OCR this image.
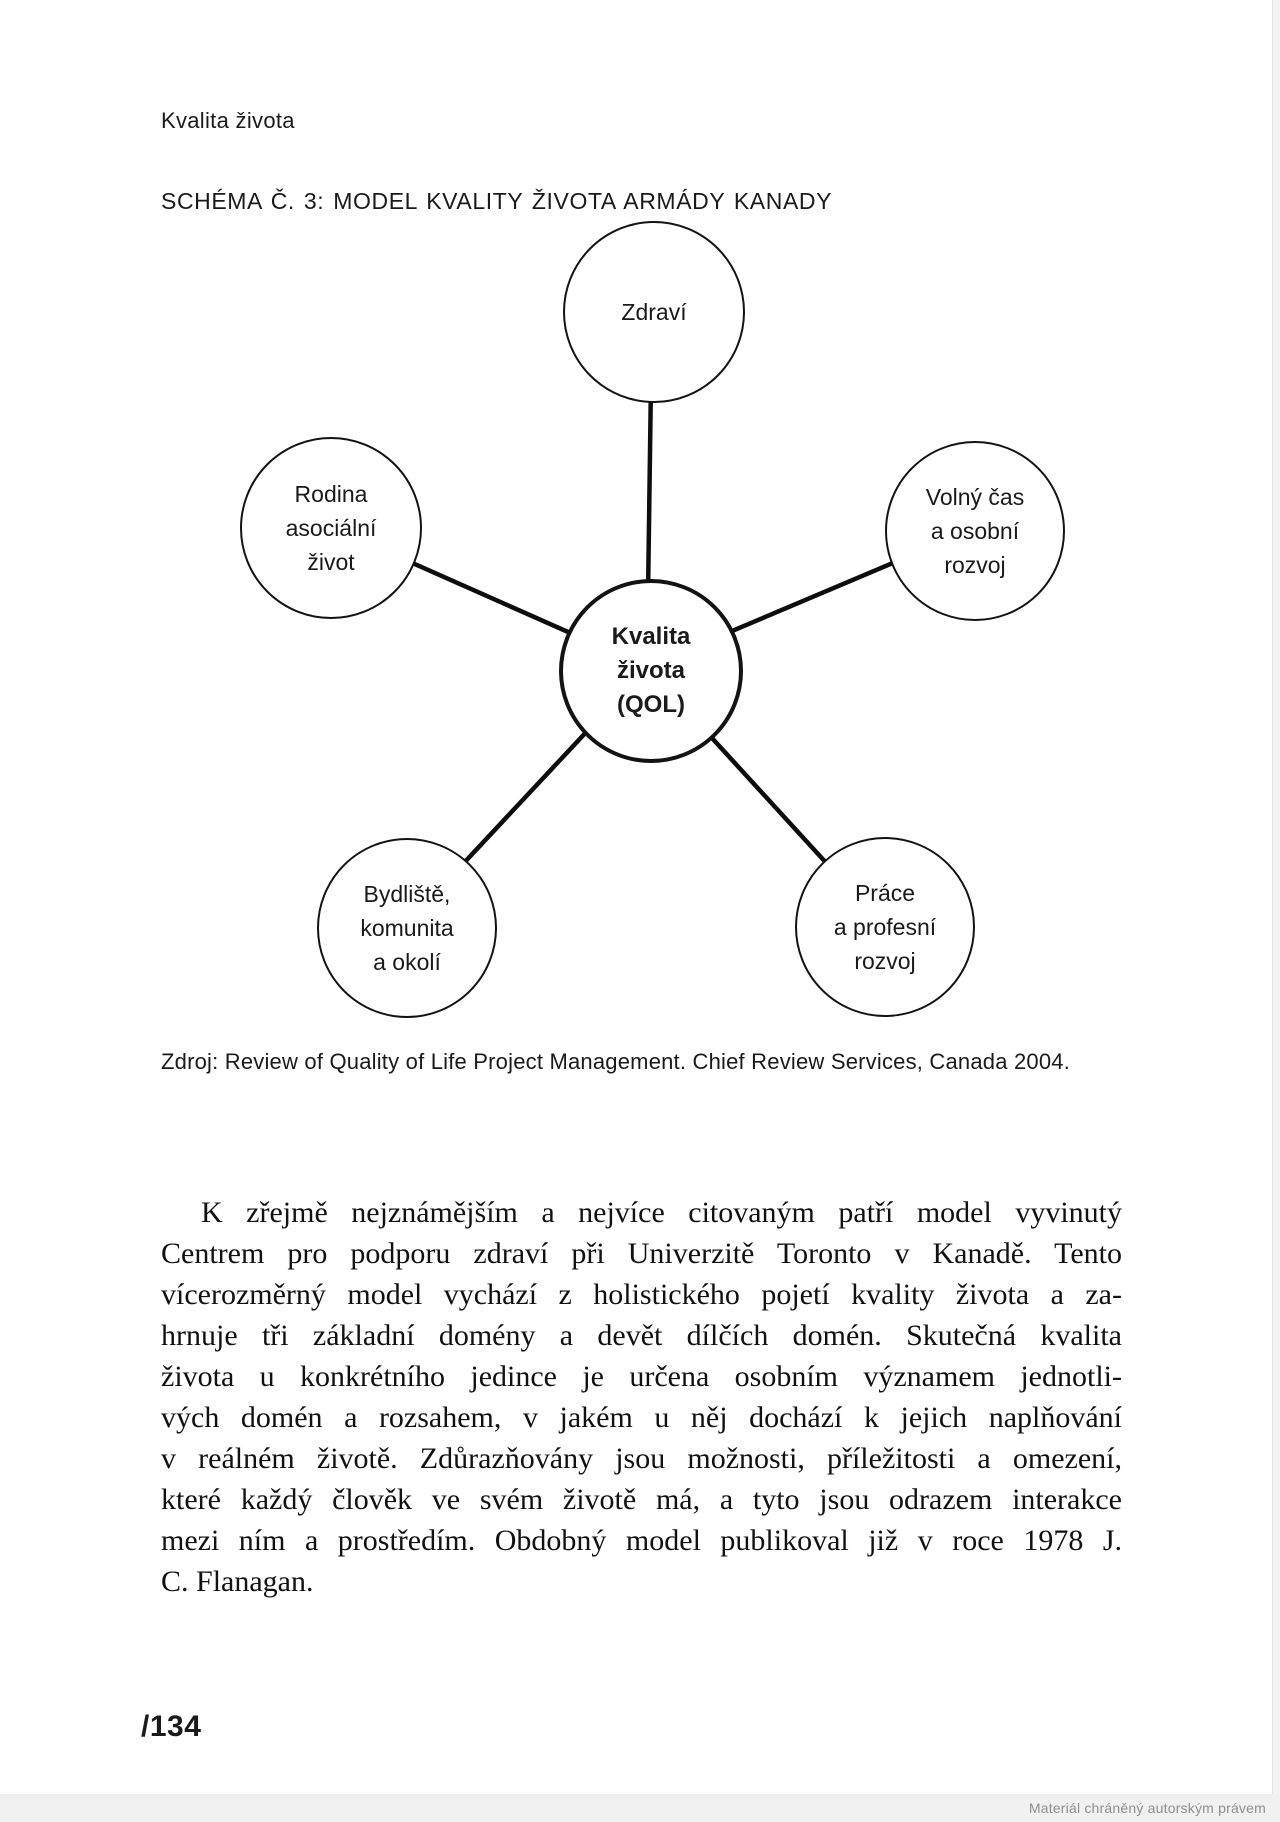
Kvalita života
SCHÉMA Č. 3: MODEL KVALITY ŽIVOTA ARMÁDY KANADY
Zdraví
Rodina
asociální
život
Volný čas
a osobní
rozvoj
Kvalita
života
(QOL)
Bydliště,
komunita
a okolí
Práce
a profesní
rozvoj
Zdroj: Review of Quality of Life Project Management. Chief Review Services, Canada 2004.
K zřejmě nejznámějším a nejvíce citovaným patří model vyvinutý
Centrem pro podporu zdraví při Univerzitě Toronto v Kanadě. Tento
vícerozměrný model vychází z holistického pojetí kvality života a za-
hrnuje tři základní domény a devět dílčích domén. Skutečná kvalita
života u konkrétního jedince je určena osobním významem jednotli-
vých domén a rozsahem, v jakém u něj dochází k jejich naplňování
v reálném životě. Zdůrazňovány jsou možnosti, příležitosti a omezení,
které každý člověk ve svém životě má, a tyto jsou odrazem interakce
mezi ním a prostředím. Obdobný model publikoval již v roce 1978 J.
C. Flanagan.
/134
Materiál chráněný autorským právem
